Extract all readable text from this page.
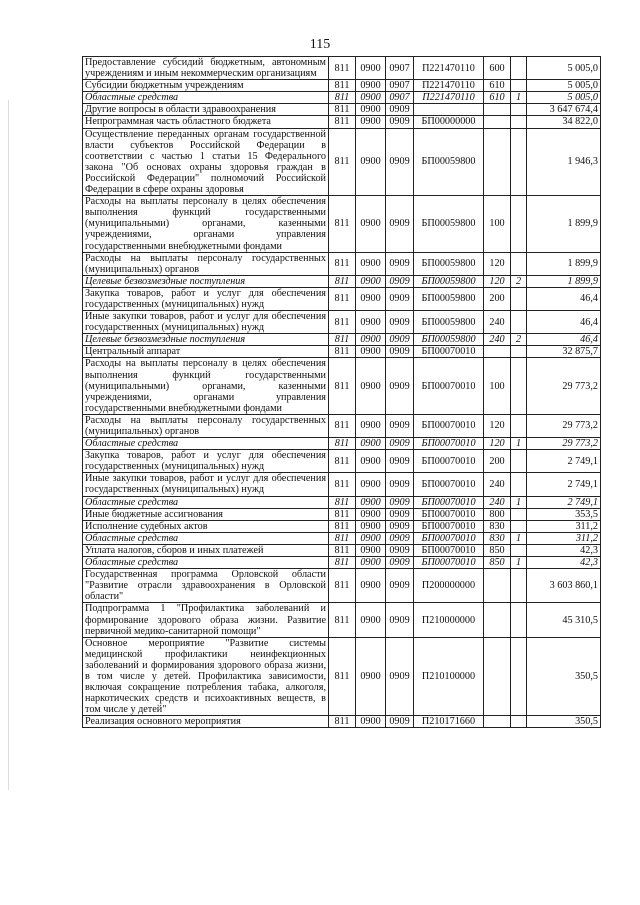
115
Предоставление субсидий бюджетным, автономным учреждениям и иным некоммерческим организациям	811	0900	0907	П221470110	600		5 005,0
Субсидии бюджетным учреждениям	811	0900	0907	П221470110	610		5 005,0
Областные средства	811	0900	0907	П221470110	610	1	5 005,0
Другие вопросы в области здравоохранения	811	0900	0909				3 647 674,4
Непрограммная часть областного бюджета	811	0900	0909	БП00000000			34 822,0
Осуществление переданных органам государственной власти субъектов Российской Федерации в соответствии с частью 1 статьи 15 Федерального закона "Об основах охраны здоровья граждан в Российской Федерации" полномочий Российской Федерации в сфере охраны здоровья	811	0900	0909	БП00059800			1 946,3
Расходы на выплаты персоналу в целях обеспечения выполнения функций государственными (муниципальными) органами, казенными учреждениями, органами управления государственными внебюджетными фондами	811	0900	0909	БП00059800	100		1 899,9
Расходы на выплаты персоналу государственных (муниципальных) органов	811	0900	0909	БП00059800	120		1 899,9
Целевые безвозмездные поступления	811	0900	0909	БП00059800	120	2	1 899,9
Закупка товаров, работ и услуг для обеспечения государственных (муниципальных) нужд	811	0900	0909	БП00059800	200		46,4
Иные закупки товаров, работ и услуг для обеспечения государственных (муниципальных) нужд	811	0900	0909	БП00059800	240		46,4
Целевые безвозмездные поступления	811	0900	0909	БП00059800	240	2	46,4
Центральный аппарат	811	0900	0909	БП00070010			32 875,7
Расходы на выплаты персоналу в целях обеспечения выполнения функций государственными (муниципальными) органами, казенными учреждениями, органами управления государственными внебюджетными фондами	811	0900	0909	БП00070010	100		29 773,2
Расходы на выплаты персоналу государственных (муниципальных) органов	811	0900	0909	БП00070010	120		29 773,2
Областные средства	811	0900	0909	БП00070010	120	1	29 773,2
Закупка товаров, работ и услуг для обеспечения государственных (муниципальных) нужд	811	0900	0909	БП00070010	200		2 749,1
Иные закупки товаров, работ и услуг для обеспечения государственных (муниципальных) нужд	811	0900	0909	БП00070010	240		2 749,1
Областные средства	811	0900	0909	БП00070010	240	1	2 749,1
Иные бюджетные ассигнования	811	0900	0909	БП00070010	800		353,5
Исполнение судебных актов	811	0900	0909	БП00070010	830		311,2
Областные средства	811	0900	0909	БП00070010	830	1	311,2
Уплата налогов, сборов и иных платежей	811	0900	0909	БП00070010	850		42,3
Областные средства	811	0900	0909	БП00070010	850	1	42,3
Государственная программа Орловской области "Развитие отрасли здравоохранения в Орловской области"	811	0900	0909	П200000000			3 603 860,1
Подпрограмма 1 "Профилактика заболеваний и формирование здорового образа жизни. Развитие первичной медико-санитарной помощи"	811	0900	0909	П210000000			45 310,5
Основное мероприятие "Развитие системы медицинской профилактики неинфекционных заболеваний и формирования здорового образа жизни, в том числе у детей. Профилактика зависимости, включая сокращение потребления табака, алкоголя, наркотических средств и психоактивных веществ, в том числе у детей"	811	0900	0909	П210100000			350,5
Реализация основного мероприятия	811	0900	0909	П210171660			350,5
